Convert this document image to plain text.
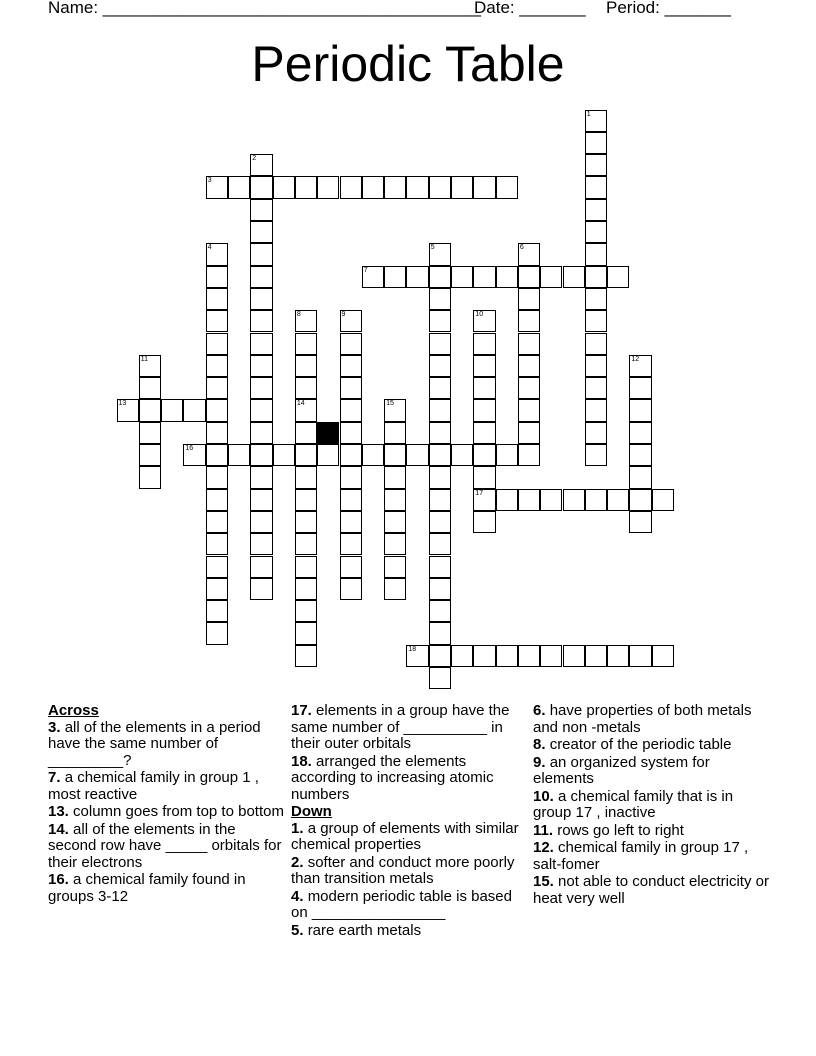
Name: ________________________________________
Date: _______ Period: _______
Periodic Table
1
2
3
4	5	6
7
8
14
9	10
17
11	12
13	15
16
18
Across
3. all of the elements in a period have the same number of _________?
7. a chemical family in group 1 , most reactive
13. column goes from top to bottom
14. all of the elements in the second row have _____ orbitals for their electrons
16. a chemical family found in groups 3-12
17. elements in a group have the same number of __________ in their outer orbitals
18. arranged the elements according to increasing atomic numbers
Down
1. a group of elements with similar chemical properties
2. softer and conduct more poorly than transition metals
4. modern periodic table is based on ________________
5. rare earth metals
6. have properties of both metals and non -metals
8. creator of the periodic table
9. an organized system for elements
10. a chemical family that is in group 17 , inactive
11. rows go left to right
12. chemical family in group 17 , salt-fomer
15. not able to conduct electricity or heat very well
